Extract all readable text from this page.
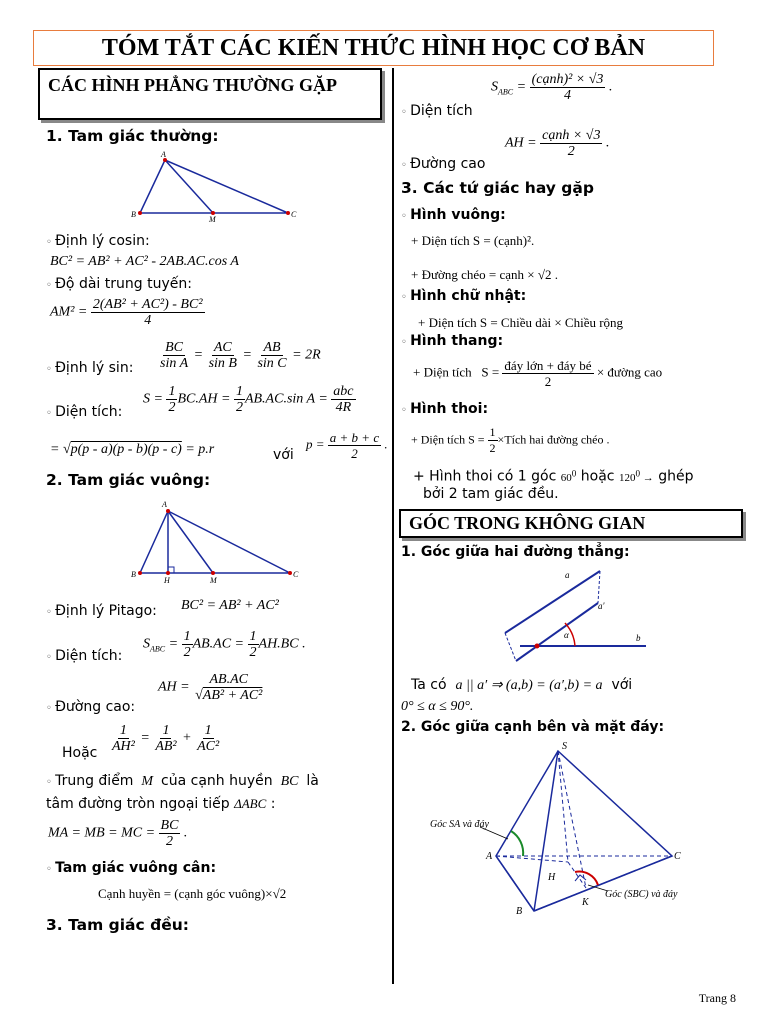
TÓM TẮT CÁC KIẾN THỨC HÌNH HỌC CƠ BẢN
CÁC HÌNH PHẲNG THƯỜNG GẶP
1. Tam giác thường:
A
B
M
C
◦ Định lý cosin:
BC² = AB² + AC² - 2AB.AC.cos A
◦ Độ dài trung tuyến:
$AM^2 = \frac{\text{2(AB² + AC²) - BC²}}{4}$
◦ Định lý sin: $\frac{BC}{\text{sin A}} = \frac{AC}{\text{sin B}} = \frac{AB}{\text{sin C}} = 2R$
◦ Diện tích:
$S = \frac{1}{2} BC.AH = \frac{1}{2} AB.AC.\sin$ $A = \frac{\text{abc}}{4R}$
= √p(p - a)(p - b)(p - c) = p.r	với
$p = \frac{a + b + c}{2}$ .
2. Tam giác vuông:
A
B
H	M
C
◦ Định lý Pitago: BC² = AB² + AC²
◦ Diện tích:
$S_{ABC} = \frac{1}{2} AB.AC = \frac{1}{2} AH.BC$ .
◦ Đường cao:
AH = $\frac{AB.AC}{\text{√AB² + AC²}}$
Hoặc $\frac{1}{\text{AH²}} = \frac{1}{\text{AB²}} + \frac{1}{\text{AC²}}$
◦ Trung điểm  M  của cạnh huyền  BC  là
tâm đường tròn ngoại tiếp ΔABC :
MA = MB = MC = $\frac{BC}{2}$ .
◦ Tam giác vuông cân:
Cạnh huyền = (cạnh góc vuông)×√2
3. Tam giác đều:
◦ Diện tích
$S_{ABC} = \frac{\text{(cạnh)² × √3}}{4}$ .
◦ Đường cao
AH = $\frac{\text{cạnh × √3}}{2}$ .
3. Các tứ giác hay gặp
◦ Hình vuông:
+ Diện tích S = (cạnh)².
+ Đường chéo = cạnh × √2 .
◦ Hình chữ nhật:
+ Diện tích S = Chiều dài × Chiều rộng
◦ Hình thang:
+ Diện tích   $S = \frac{\text{đáy lớn + đáy bé}}{2}$ × đường cao
◦ Hình thoi:
+ Diện tích $S = \frac{1}{2}$ ×Tích hai đường chéo .
+ Hình thoi có 1 góc $60^0$ hoặc $120^0$ → ghép
bởi 2 tam giác đều.
GÓC TRONG KHÔNG GIAN
1. Góc giữa hai đường thẳng:
a
a'
α	b
Ta có a || a′ ⇒ (a,b) = (a′,b) = a với
0° ≤ α ≤ 90°.
2. Góc giữa cạnh bên và mặt đáy:
S
A	C
B
H
K
Góc SA và đáy
Góc (SBC) và đáy
Trang 8
